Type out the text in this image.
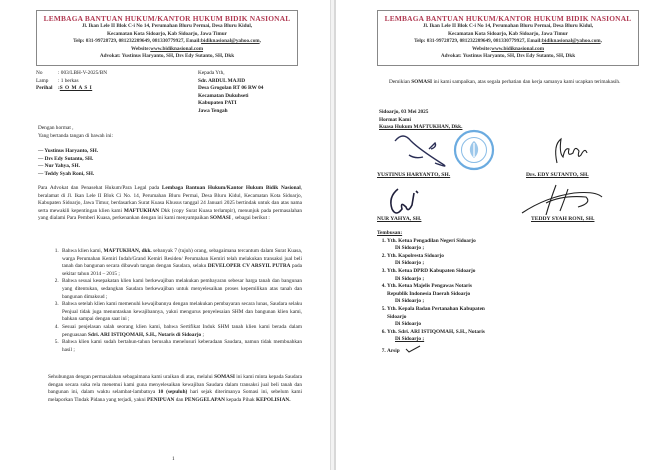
LEMBAGA BANTUAN HUKUM/KANTOR HUKUM BIDIK NASIONAL
Jl. Ikan Lele II Blok C-i No 14, Perumahan Bluru Permai, Desa Bluru Kidul,
Kecamatan Kota Sidoarjo, Kab Sidoarjo, Jawa Timur
Telp: 031-99728729, 081232209649, 081330779927, Email:bidiknasional@yahoo.com,
Website:www.bidiknasional.com
Advokat: Yustinus Haryanto, SH, Drs Edy Sutanto, SH, Dkk
No	: 003/LBH-V-2025/BN
Lamp	: 1 berkas
Perihal	: S O M A S I
Kepada Yth,
Sdr. ABDUL MAJID
Desa Grogolan RT 06 RW 04
Kecamatan Dukuhseti
Kabupaten PATI
Jawa Tengah
Dengan hormat ,
Yang bertanda tangan di bawah ini:
— Yustinus Haryanto, SH.
— Drs Edy Sutanto, SH.
— Nur Yahya, SH.
— Teddy Syah Roni, SH.
Para Advokat dan Penasehat Hukum/Para Legal pada Lembaga Bantuan Hukum/Kantor Hukum Bidik Nasional, beralamat di Jl. Ikan Lele II Blok Ci No. 14, Perumahan Bluru Permai, Desa Bluru Kidul, Kecamatan Kota Sidoarjo, Kabupaten Sidoarjo, Jawa Timur, berdasarkan Surat Kuasa Khusus tanggal 24 Januari 2025 bertindak untuk dan atas nama serta mewakili kepentingan klien kami MAFTUKHAN Dkk (copy Surat Kuasa terlampir), menunjuk pada permasalahan yang dialami Para Pemberi Kuasa, perkenankan dengan ini kami menyampaikan SOMASI , sebagai berikut :
1. Bahwa klien kami, MAFTUKHAN, dkk. sebanyak 7 (tujuh) orang, sebagaimana tercantum dalam Surat Kuasa, warga Perumahan Kemiri Indah/Grand Kemiri Residen/ Perumahan Kemiri telah melakukan transaksi jual beli tanah dan bangunan secara dibawah tangan dengan Saudara, selaku DEVELOPER CV ARSYIL PUTRA pada sekitar tahun 2014 – 2015 ;
2. Bahwa sesuai kesepakatan klien kami berkewajiban melakukan pembayaran sebesar harga tanah dan bangunan yang ditentukan, sedangkan Saudara berkewajiban untuk menyelesaikan proses kepemilikan atas tanah dan bangunan dimaksud ;
3. Bahwa setelah klien kami memenuhi kewajibannya dengan melakukan pembayaran secara lunas, Saudara selaku Penjual tidak juga menuntaskan kewajibannya, yakni mengurus penyelesaian SHM dan bangunan klien kami, bahkan sampai dengan saat ini ;
4. Sesuai penjelasan salah seorang klien kami, bahwa Sertifikat Induk SHM tanah klien kami berada dalam penguasaan Sdri. ARI ISTIQOMAH, S.H., Notaris di Sidoarjo ;
5. Bahwa klien kami sudah bertahun-tahun berusaha menelusuri keberadaan Saudara, namun tidak membuahkan hasil ;
Sehubungan dengan permasalahan sebagaimana kami uraikan di atas, melalui SOMASI ini kami minta kepada Saudara dengan secara suka rela menemui kami guna menyelesaikan kewajiban Saudara dalam transaksi jual beli tanah dan bangunan ini, dalam waktu selambat-lambatnya 10 (sepuluh) hari sejak diterimanya Somasi ini, sebelum kami melaporkan Tindak Pidana yang terjadi, yakni PENIPUAN dan PENGGELAPAN kepada Pihak KEPOLISIAN.
1
LEMBAGA BANTUAN HUKUM/KANTOR HUKUM BIDIK NASIONAL
Jl. Ikan Lele II Blok C-i No 14, Perumahan Bluru Permai, Desa Bluru Kidul,
Kecamatan Kota Sidoarjo, Kab Sidoarjo, Jawa Timur
Telp: 031-99728729, 081232209649, 081330779927, Email:bidiknasional@yahoo.com,
Website:www.bidiknasional.com
Advokat: Yustinus Haryanto, SH, Drs Edy Sutanto, SH, Dkk
Demikian SOMASI ini kami sampaikan, atas segala perhatian dan kerja samanya kami ucapkan terimakasih.
Sidoarjo, 03 Mei 2025
Hormat Kami
Kuasa Hukum MAFTUKHAN, Dkk.
YUSTINUS HARYANTO, SH.	Drs. EDY SUTANTO, SH.
NUR YAHYA, SH.	TEDDY SYAH RONI, SH.
Tembusan:
1. Yth. Ketua Pengadilan Negeri Sidoarjo
Di Sidoarjo ;
2. Yth. Kapolresta Sidoarjo
Di Sidoarjo ;
3. Yth. Ketua DPRD Kabupaten Sidoarjo
Di Sidoarjo ;
4. Yth. Ketua Majelis Pengawas Notaris
Republik Indonesia Daerah Sidoarjo
Di Sidoarjo ;
5. Yth. Kepala Badan Pertanahan Kabupaten
Sidoarjo
Di Sidoarjo
6. Yth. Sdri. ARI ISTIQOMAH, S.H., Notaris
Di Sidoarjo ;
7. Arsip
